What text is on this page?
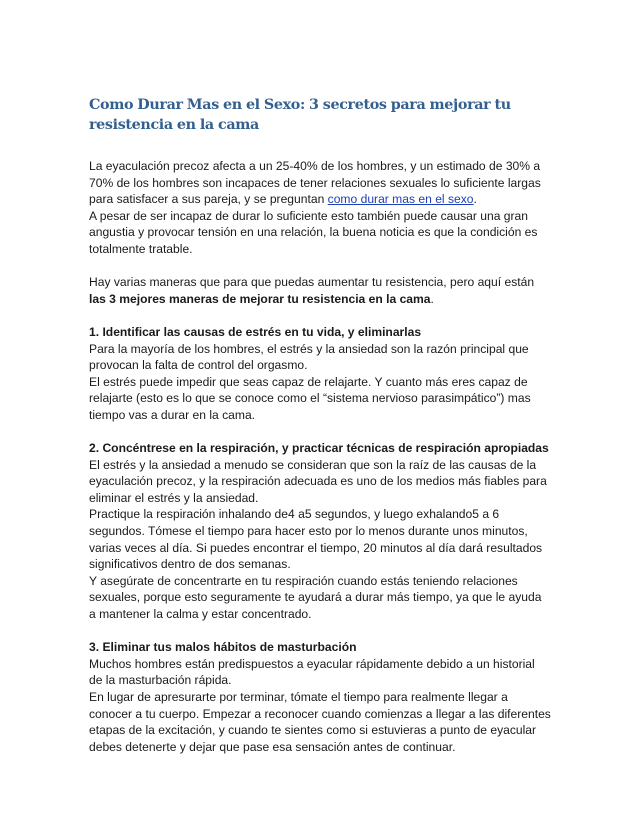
Como Durar Mas en el Sexo: 3 secretos para mejorar tu resistencia en la cama

La eyaculación precoz afecta a un 25-40% de los hombres, y un estimado de 30% a 70% de los hombres son incapaces de tener relaciones sexuales lo suficiente largas para satisfacer a sus pareja, y se preguntan como durar mas en el sexo.

A pesar de ser incapaz de durar lo suficiente esto también puede causar una gran angustia y provocar tensión en una relación, la buena noticia es que la condición es totalmente tratable.

Hay varias maneras que para que puedas aumentar tu resistencia, pero aquí están las 3 mejores maneras de mejorar tu resistencia en la cama.

1. Identificar las causas de estrés en tu vida, y eliminarlas

Para la mayoría de los hombres, el estrés y la ansiedad son la razón principal que provocan la falta de control del orgasmo.

El estrés puede impedir que seas capaz de relajarte. Y cuanto más eres capaz de relajarte (esto es lo que se conoce como el “sistema nervioso parasimpático”) mas tiempo vas a durar en la cama.

2. Concéntrese en la respiración, y practicar técnicas de respiración apropiadas

El estrés y la ansiedad a menudo se consideran que son la raíz de las causas de la eyaculación precoz, y la respiración adecuada es uno de los medios más fiables para eliminar el estrés y la ansiedad.

Practique la respiración inhalando de4 a5 segundos, y luego exhalando5 a 6 segundos. Tómese el tiempo para hacer esto por lo menos durante unos minutos, varias veces al día. Si puedes encontrar el tiempo, 20 minutos al día dará resultados significativos dentro de dos semanas.

Y asegúrate de concentrarte en tu respiración cuando estás teniendo relaciones sexuales, porque esto seguramente te ayudará a durar más tiempo, ya que le ayuda a mantener la calma y estar concentrado.

3. Eliminar tus malos hábitos de masturbación

Muchos hombres están predispuestos a eyacular rápidamente debido a un historial de la masturbación rápida.

En lugar de apresurarte por terminar, tómate el tiempo para realmente llegar a conocer a tu cuerpo. Empezar a reconocer cuando comienzas a llegar a las diferentes etapas de la excitación, y cuando te sientes como si estuvieras a punto de eyacular debes detenerte y dejar que pase esa sensación antes de continuar.
